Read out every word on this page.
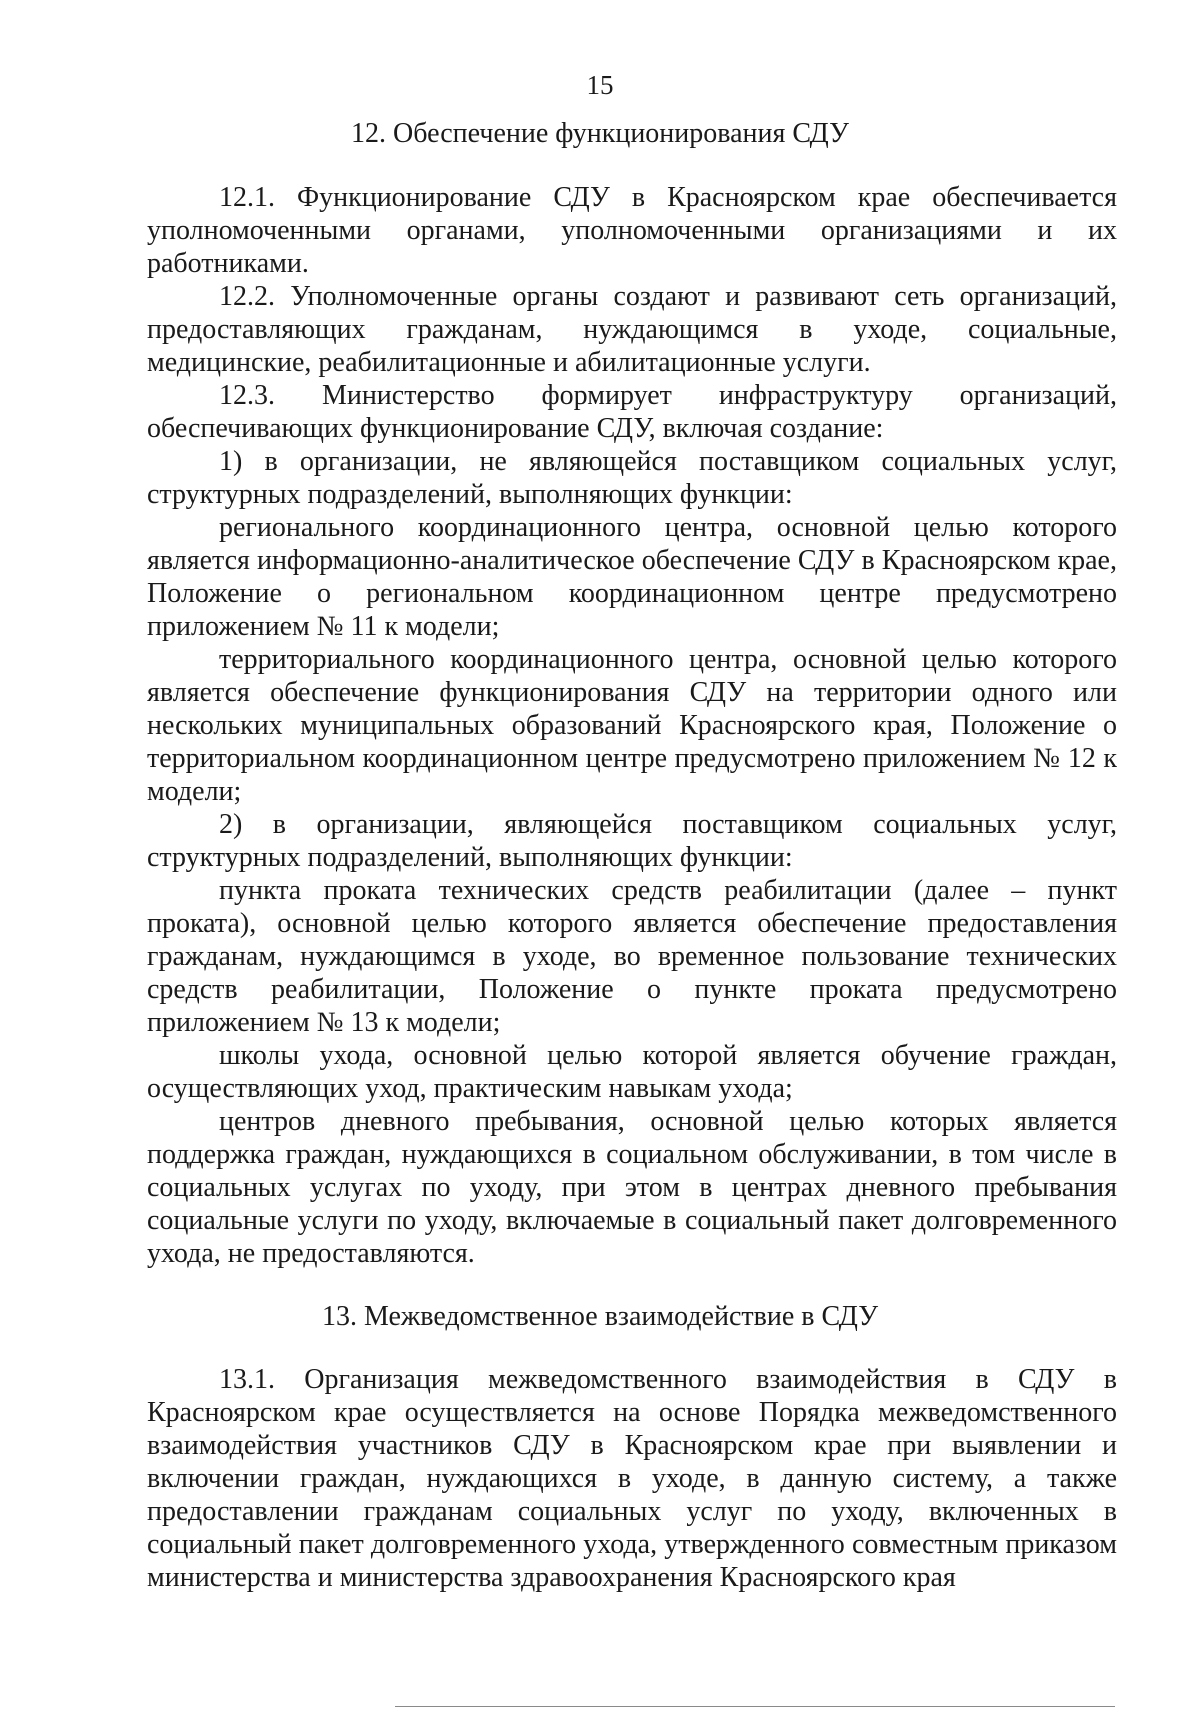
15
12. Обеспечение функционирования СДУ

12.1. Функционирование СДУ в Красноярском крае обеспечивается уполномоченными органами, уполномоченными организациями и их работниками.

12.2. Уполномоченные органы создают и развивают сеть организаций, предоставляющих гражданам, нуждающимся в уходе, социальные, медицинские, реабилитационные и абилитационные услуги.

12.3. Министерство формирует инфраструктуру организаций, обеспечивающих функционирование СДУ, включая создание:

1) в организации, не являющейся поставщиком социальных услуг, структурных подразделений, выполняющих функции:

регионального координационного центра, основной целью которого является информационно-аналитическое обеспечение СДУ в Красноярском крае, Положение о региональном координационном центре предусмотрено приложением № 11 к модели;

территориального координационного центра, основной целью которого является обеспечение функционирования СДУ на территории одного или нескольких муниципальных образований Красноярского края, Положение о территориальном координационном центре предусмотрено приложением № 12 к модели;

2) в организации, являющейся поставщиком социальных услуг, структурных подразделений, выполняющих функции:

пункта проката технических средств реабилитации (далее – пункт проката), основной целью которого является обеспечение предоставления гражданам, нуждающимся в уходе, во временное пользование технических средств реабилитации, Положение о пункте проката предусмотрено приложением № 13 к модели;

школы ухода, основной целью которой является обучение граждан, осуществляющих уход, практическим навыкам ухода;

центров дневного пребывания, основной целью которых является поддержка граждан, нуждающихся в социальном обслуживании, в том числе в социальных услугах по уходу, при этом в центрах дневного пребывания социальные услуги по уходу, включаемые в социальный пакет долговременного ухода, не предоставляются.

13. Межведомственное взаимодействие в СДУ

13.1. Организация межведомственного взаимодействия в СДУ в Красноярском крае осуществляется на основе Порядка межведомственного взаимодействия участников СДУ в Красноярском крае при выявлении и включении граждан, нуждающихся в уходе, в данную систему, а также предоставлении гражданам социальных услуг по уходу, включенных в социальный пакет долговременного ухода, утвержденного совместным приказом министерства и министерства здравоохранения Красноярского края
